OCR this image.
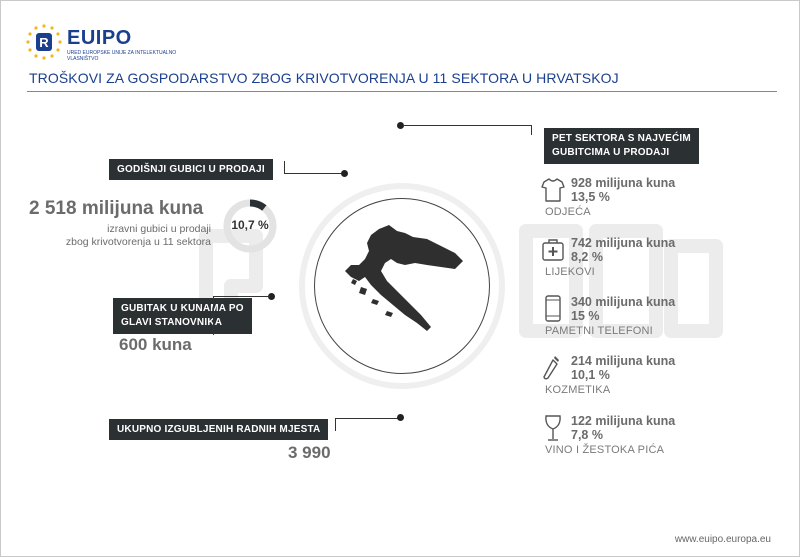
R EUIPO
URED EUROPSKE UNIJE ZA INTELEKTUALNO VLASNIŠTVO
TROŠKOVI ZA GOSPODARSTVO ZBOG KRIVOTVORENJA U 11 SEKTORA U HRVATSKOJ
GODIŠNJI GUBICI U PRODAJI
2 518 milijuna kuna
izravni gubici u prodaji
zbog krivotvorenja u 11 sektora
10,7 %
GUBITAK U KUNAMA PO
GLAVI STANOVNIKA
600 kuna
UKUPNO IZGUBLJENIH RADNIH MJESTA
3 990
PET SEKTORA S NAJVEĆIM
GUBITCIMA U PRODAJI
928 milijuna kuna
13,5 %
ODJEĆA
742 milijuna kuna
8,2 %
LIJEKOVI
340 milijuna kuna
15 %
PAMETNI TELEFONI
214 milijuna kuna
10,1 %
KOZMETIKA
122 milijuna kuna
7,8 %
VINO I ŽESTOKA PIĆA
www.euipo.europa.eu
